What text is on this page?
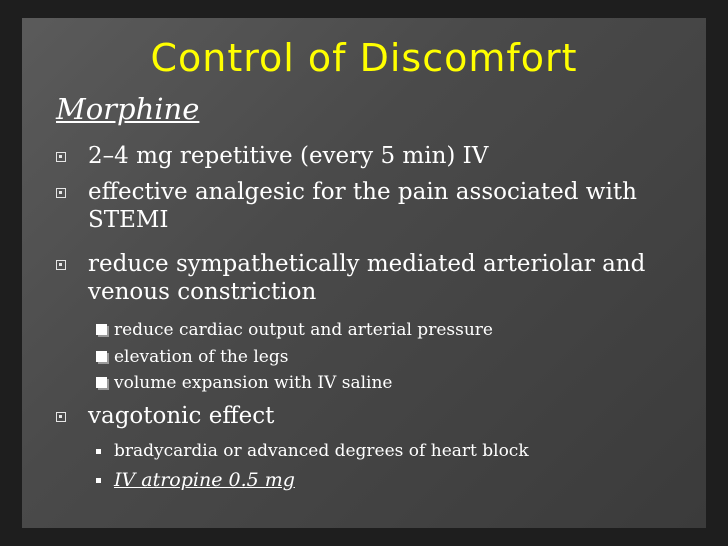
Control of Discomfort
Morphine
2–4 mg repetitive (every 5 min) IV
effective analgesic for the pain associated with STEMI
reduce sympathetically mediated arteriolar and venous constriction
reduce cardiac output and arterial pressure
elevation of the legs
volume expansion with IV saline
vagotonic effect
bradycardia or advanced degrees of heart block
IV atropine 0.5 mg
